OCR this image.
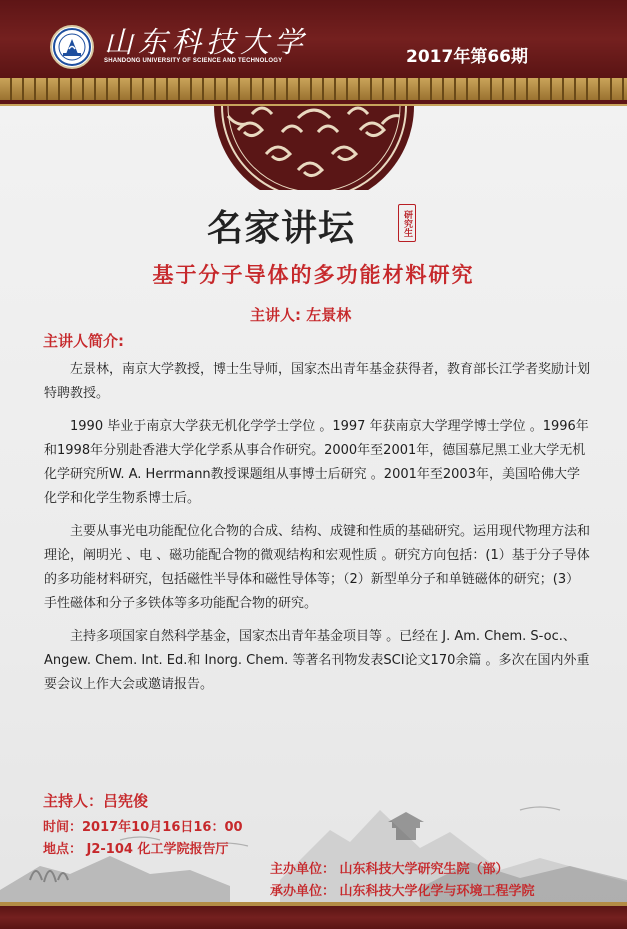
山东科技大学
SHANDONG UNIVERSITY OF SCIENCE AND TECHNOLOGY	2017年第66期
名家讲坛	研究生
基于分子导体的多功能材料研究
主讲人: 左景林
主讲人简介:

左景林，南京大学教授，博士生导师，国家杰出青年基金获得者，教育部长江学者奖励计划特聘教授。

1990 毕业于南京大学获无机化学学士学位 。1997 年获南京大学理学博士学位 。1996年和1998年分别赴香港大学化学系从事合作研究。2000年至2001年，德国慕尼黑工业大学无机化学研究所W. A. Herrmann教授课题组从事博士后研究 。2001年至2003年，美国哈佛大学化学和化学生物系博士后。

主要从事光电功能配位化合物的合成、结构、成键和性质的基础研究。运用现代物理方法和理论，阐明光 、电 、磁功能配合物的微观结构和宏观性质 。研究方向包括：(1）基于分子导体的多功能材料研究，包括磁性半导体和磁性导体等；（2）新型单分子和单链磁体的研究；(3）手性磁体和分子多铁体等多功能配合物的研究。

主持多项国家自然科学基金，国家杰出青年基金项目等 。已经在 J. Am. Chem. S-oc.、Angew. Chem. Int. Ed.和 Inorg. Chem. 等著名刊物发表SCI论文170余篇 。多次在国内外重要会议上作大会或邀请报告。

主持人：吕宪俊
时间：2017年10月16日16：00
地点： J2-104 化工学院报告厅
主办单位： 山东科技大学研究生院（部）
承办单位： 山东科技大学化学与环境工程学院
